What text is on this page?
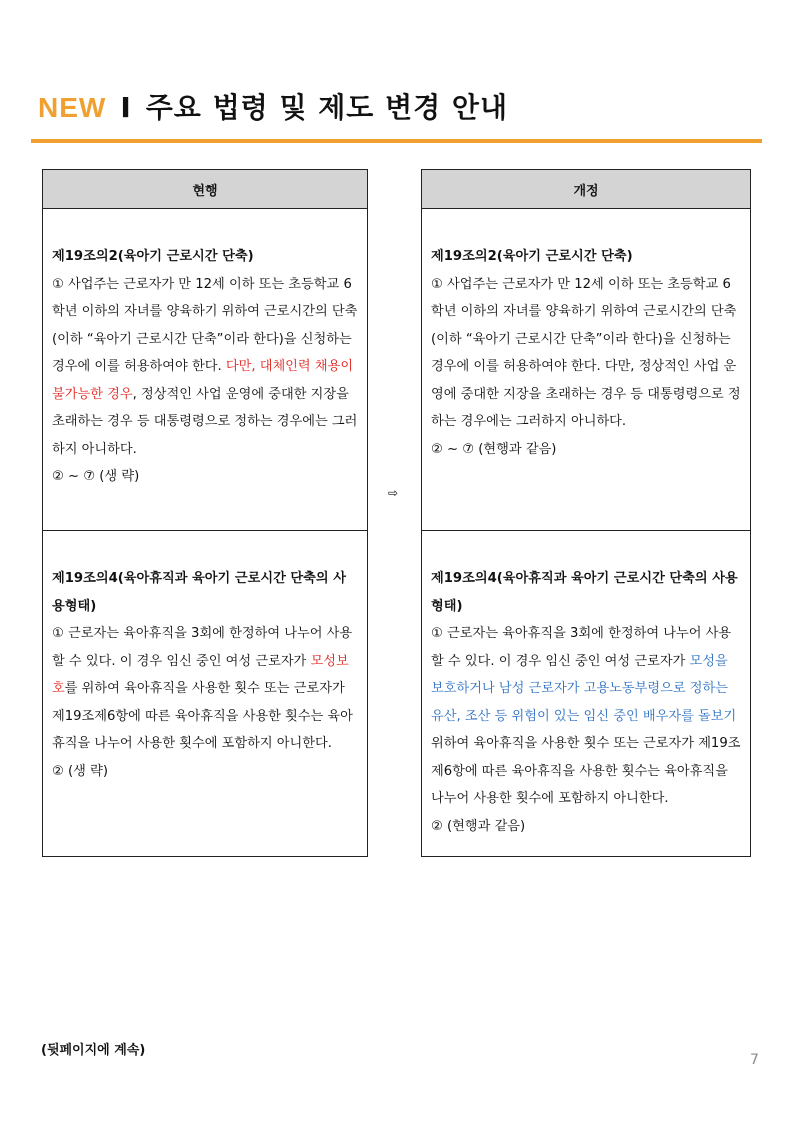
NEW I 주요 법령 및 제도 변경 안내
현행

제19조의2(육아기 근로시간 단축)

① 사업주는 근로자가 만 12세 이하 또는 초등학교 6학년 이하의 자녀를 양육하기 위하여 근로시간의 단축(이하 “육아기 근로시간 단축”이라 한다)을 신청하는 경우에 이를 허용하여야 한다. 다만, 대체인력 채용이 불가능한 경우, 정상적인 사업 운영에 중대한 지장을 초래하는 경우 등 대통령령으로 정하는 경우에는 그러하지 아니하다.

② ~ ⑦ (생 략)

제19조의4(육아휴직과 육아기 근로시간 단축의 사용형태)

① 근로자는 육아휴직을 3회에 한정하여 나누어 사용할 수 있다. 이 경우 임신 중인 여성 근로자가 모성보호를 위하여 육아휴직을 사용한 횟수 또는 근로자가 제19조제6항에 따른 육아휴직을 사용한 횟수는 육아휴직을 나누어 사용한 횟수에 포함하지 아니한다.

② (생 략)

⇨
개정

제19조의2(육아기 근로시간 단축)

① 사업주는 근로자가 만 12세 이하 또는 초등학교 6학년 이하의 자녀를 양육하기 위하여 근로시간의 단축(이하 “육아기 근로시간 단축”이라 한다)을 신청하는 경우에 이를 허용하여야 한다. 다만, 정상적인 사업 운영에 중대한 지장을 초래하는 경우 등 대통령령으로 정하는 경우에는 그러하지 아니하다.

② ~ ⑦ (현행과 같음)

제19조의4(육아휴직과 육아기 근로시간 단축의 사용형태)

① 근로자는 육아휴직을 3회에 한정하여 나누어 사용할 수 있다. 이 경우 임신 중인 여성 근로자가 모성을 보호하거나 남성 근로자가 고용노동부령으로 정하는 유산, 조산 등 위험이 있는 임신 중인 배우자를 돌보기 위하여 육아휴직을 사용한 횟수 또는 근로자가 제19조제6항에 따른 육아휴직을 사용한 횟수는 육아휴직을 나누어 사용한 횟수에 포함하지 아니한다.

② (현행과 같음)

(뒷페이지에 계속)
7
